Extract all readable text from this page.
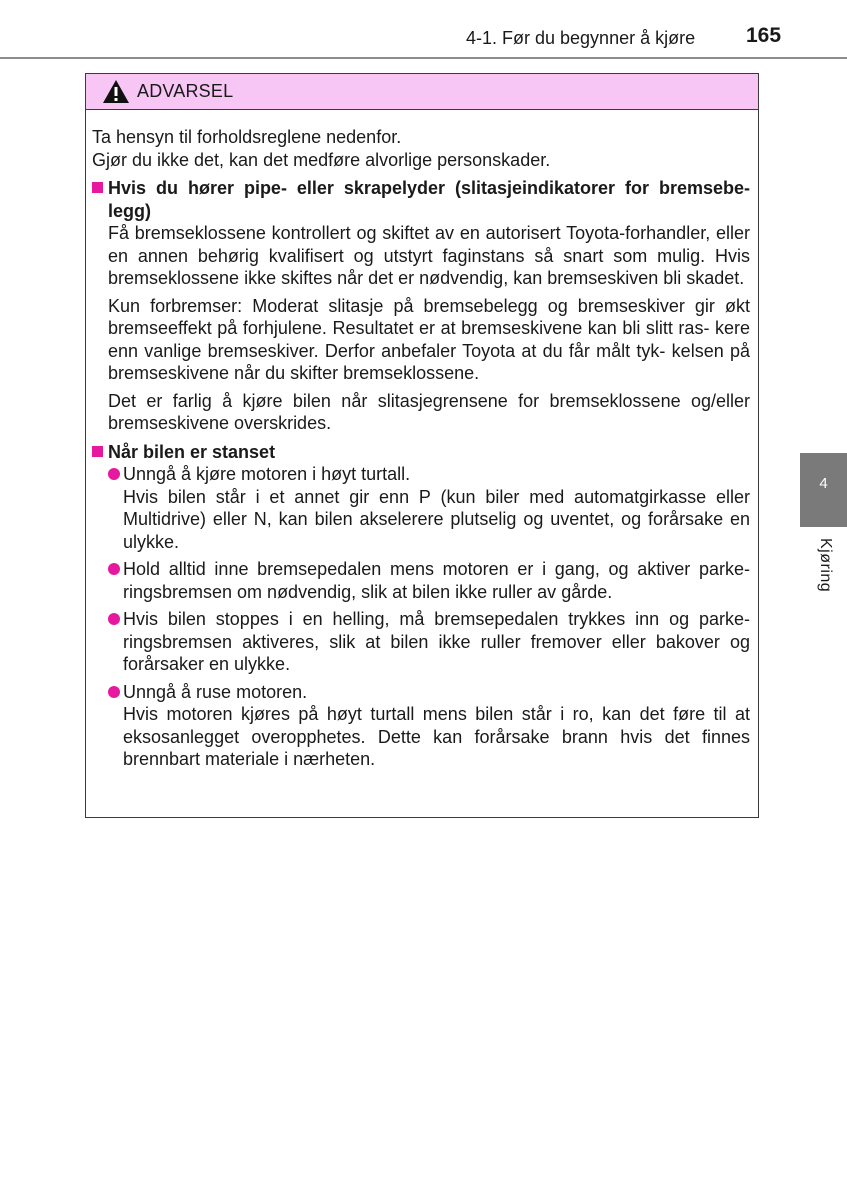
4-1. Før du begynner å kjøre 165
ADVARSEL

Ta hensyn til forholdsreglene nedenfor.

Gjør du ikke det, kan det medføre alvorlige personskader.

Hvis du hører pipe- eller skrapelyder (slitasjeindikatorer for bremsebe- legg)

Få bremseklossene kontrollert og skiftet av en autorisert Toyota-forhandler, eller en annen behørig kvalifisert og utstyrt faginstans så snart som mulig. Hvis bremseklossene ikke skiftes når det er nødvendig, kan bremseskiven bli skadet.

Kun forbremser: Moderat slitasje på bremsebelegg og bremseskiver gir økt bremseeffekt på forhjulene. Resultatet er at bremseskivene kan bli slitt ras- kere enn vanlige bremseskiver. Derfor anbefaler Toyota at du får målt tyk- kelsen på bremseskivene når du skifter bremseklossene.

Det er farlig å kjøre bilen når slitasjegrensene for bremseklossene og/eller bremseskivene overskrides.

Når bilen er stanset

Unngå å kjøre motoren i høyt turtall.

Hvis bilen står i et annet gir enn P (kun biler med automatgirkasse eller Multidrive) eller N, kan bilen akselerere plutselig og uventet, og forårsake en ulykke.

Hold alltid inne bremsepedalen mens motoren er i gang, og aktiver parke- ringsbremsen om nødvendig, slik at bilen ikke ruller av gårde.

Hvis bilen stoppes i en helling, må bremsepedalen trykkes inn og parke- ringsbremsen aktiveres, slik at bilen ikke ruller fremover eller bakover og forårsaker en ulykke.

Unngå å ruse motoren.

Hvis motoren kjøres på høyt turtall mens bilen står i ro, kan det føre til at eksosanlegget overopphetes. Dette kan forårsake brann hvis det finnes brennbart materiale i nærheten.

4
Kjøring
